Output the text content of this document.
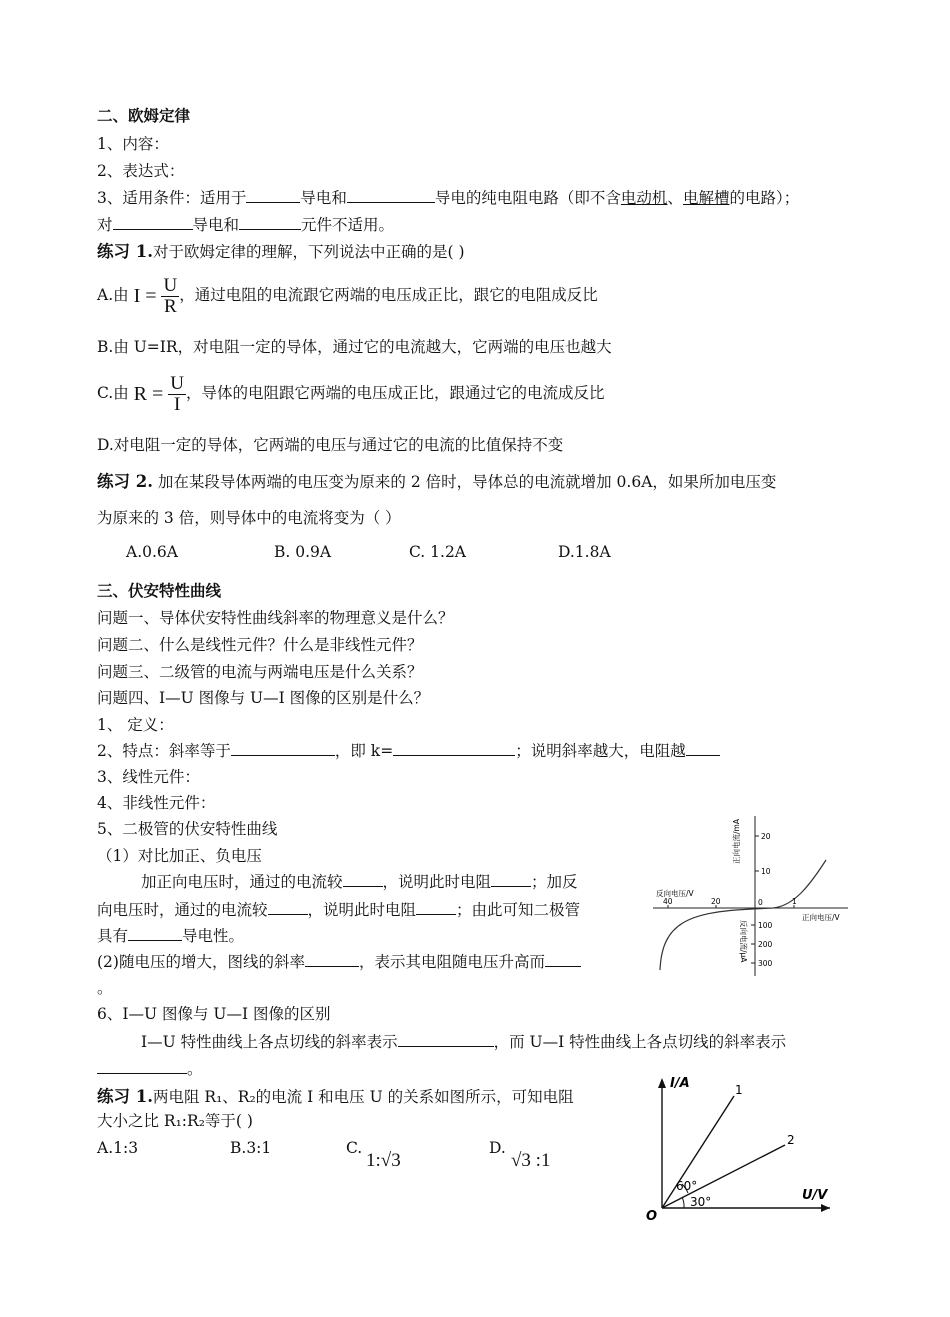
二、欧姆定律
1、内容：
2、表达式：
3、适用条件：适用于	导电和	导电的纯电阻电路（即不含电动机、电解槽的电路）；
对	导电和	元件不适用。
练习 1.对于欧姆定律的理解，下列说法中正确的是( )
A.由 $I = \frac{U}{R}$ ，通过电阻的电流跟它两端的电压成正比，跟它的电阻成反比
B.由 U=IR，对电阻一定的导体，通过它的电流越大，它两端的电压也越大
C.由 $R = \frac{U}{I}$ ，导体的电阻跟它两端的电压成正比，跟通过它的电流成反比
D.对电阻一定的导体，它两端的电压与通过它的电流的比值保持不变
练习 2. 加在某段导体两端的电压变为原来的 2 倍时，导体总的电流就增加 0.6A，如果所加电压变
为原来的 3 倍，则导体中的电流将变为（ ）
A.0.6A	B. 0.9A	C. 1.2A	D.1.8A
三、伏安特性曲线
问题一、导体伏安特性曲线斜率的物理意义是什么？
问题二、什么是线性元件？什么是非线性元件？
问题三、二级管的电流与两端电压是什么关系？
问题四、I—U 图像与 U—I 图像的区别是什么？
1、 定义：
2、特点：斜率等于	，即 k=	；说明斜率越大，电阻越
3、线性元件：
4、非线性元件：
5、二极管的伏安特性曲线
（1）对比加正、负电压
加正向电压时，通过的电流较	，说明此时电阻	；加反
向电压时，通过的电流较	，说明此时电阻	；由此可知二极管
具有	导电性。
(2)随电压的增大，图线的斜率	，表示其电阻随电压升高而
。
6、I—U 图像与 U—I 图像的区别
I—U 特性曲线上各点切线的斜率表示	，而 U—I 特性曲线上各点切线的斜率表示
。
练习 1.两电阻 R₁、R₂的电流 I 和电压 U 的关系如图所示，可知电阻
大小之比 R₁:R₂等于( )
A.1:3	B.3:1	C.
1:√3
D.
√3 :1
正向电流/mA
反向电流/μA
正向电压/V
反向电压/V
20
10
100
200
300
40	20	0	1
I/A
U/V
O
1
2
60°
30°
